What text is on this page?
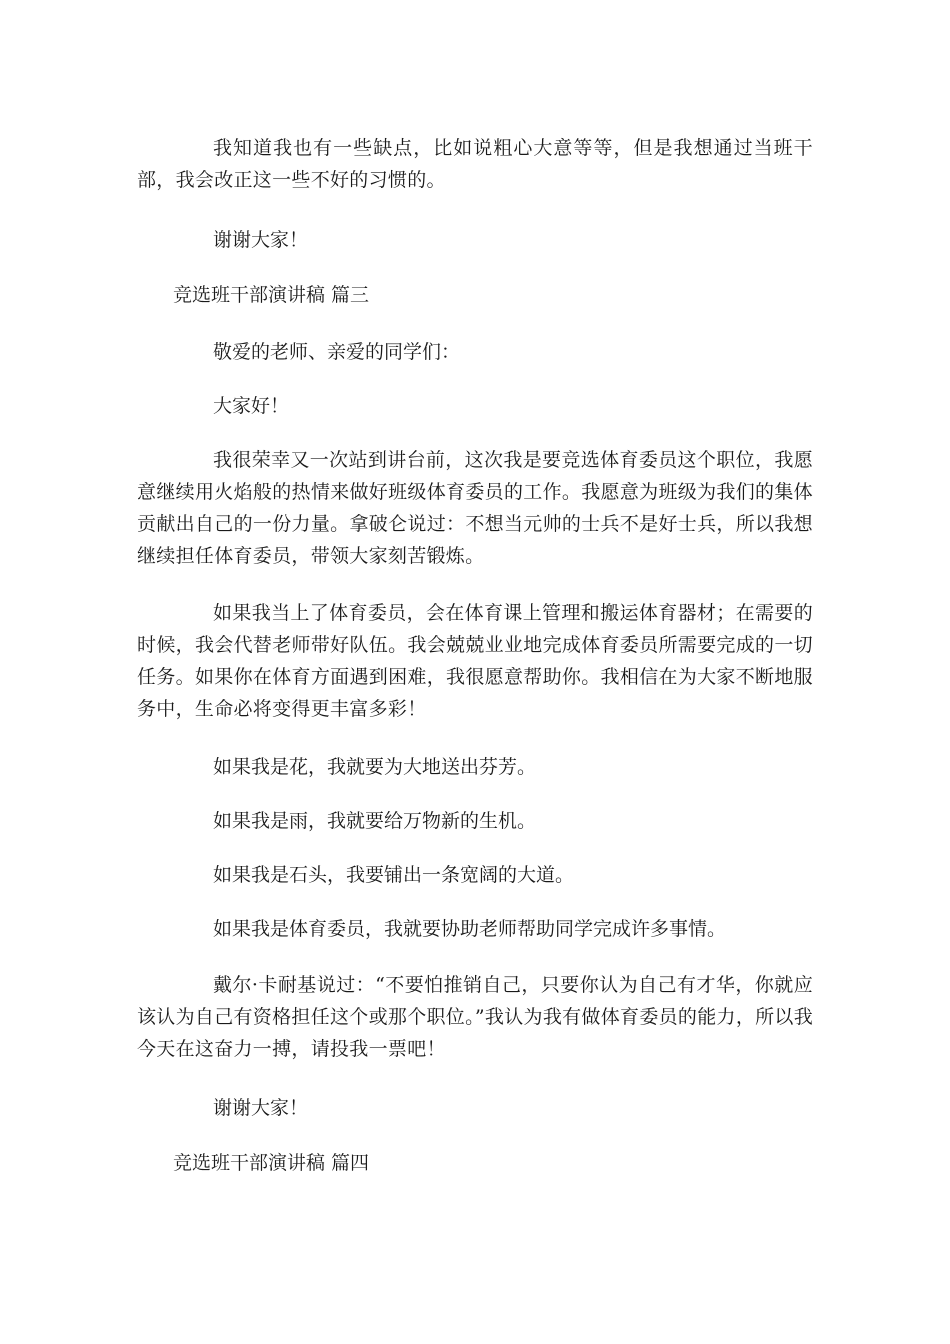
我知道我也有一些缺点，比如说粗心大意等等，但是我想通过当班干部，我会改正这一些不好的习惯的。

谢谢大家！

竞选班干部演讲稿 篇三

敬爱的老师、亲爱的同学们：

大家好！

我很荣幸又一次站到讲台前，这次我是要竞选体育委员这个职位，我愿意继续用火焰般的热情来做好班级体育委员的工作。我愿意为班级为我们的集体贡献出自己的一份力量。拿破仑说过：不想当元帅的士兵不是好士兵，所以我想继续担任体育委员，带领大家刻苦锻炼。

如果我当上了体育委员，会在体育课上管理和搬运体育器材；在需要的时候，我会代替老师带好队伍。我会兢兢业业地完成体育委员所需要完成的一切任务。如果你在体育方面遇到困难，我很愿意帮助你。我相信在为大家不断地服务中，生命必将变得更丰富多彩！

如果我是花，我就要为大地送出芬芳。

如果我是雨，我就要给万物新的生机。

如果我是石头，我要铺出一条宽阔的大道。

如果我是体育委员，我就要协助老师帮助同学完成许多事情。

戴尔·卡耐基说过：“不要怕推销自己，只要你认为自己有才华，你就应该认为自己有资格担任这个或那个职位。”我认为我有做体育委员的能力，所以我今天在这奋力一搏，请投我一票吧！

谢谢大家！

竞选班干部演讲稿 篇四
